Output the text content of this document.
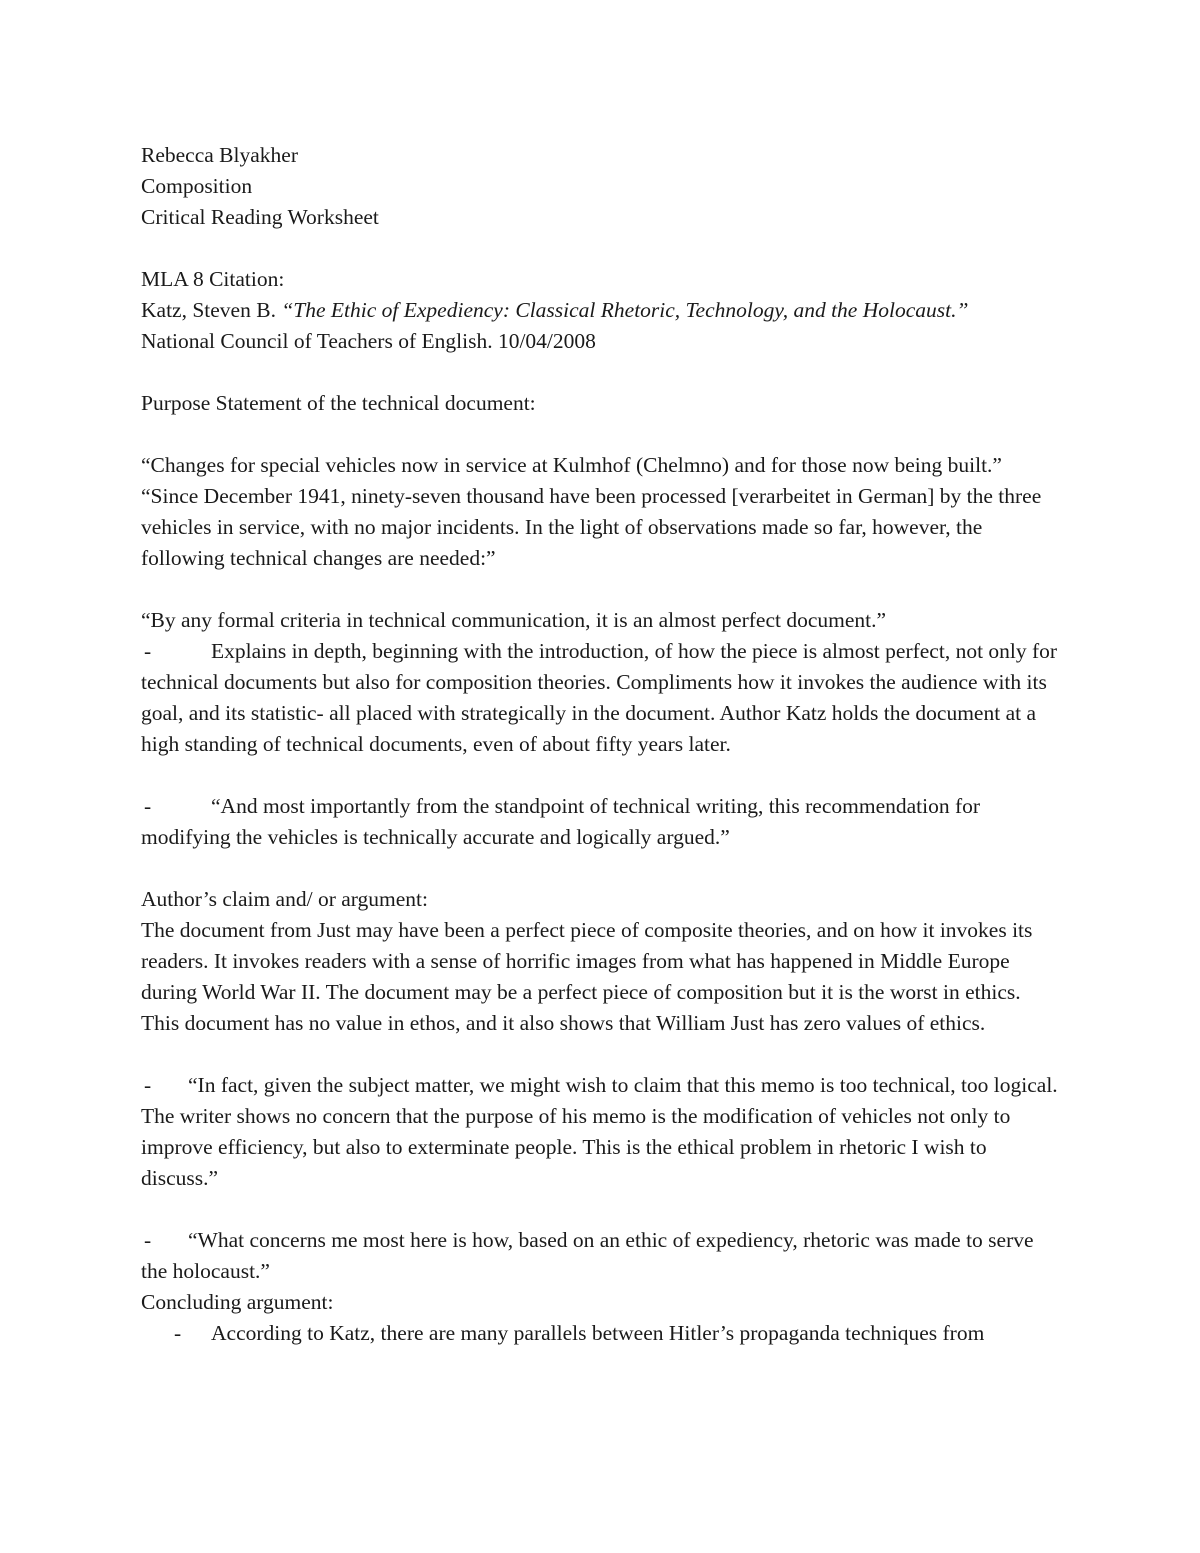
Rebecca Blyakher

Composition

Critical Reading Worksheet

MLA 8 Citation:

Katz, Steven B. “The Ethic of Expediency: Classical Rhetoric, Technology, and the Holocaust.”

National Council of Teachers of English. 10/04/2008

Purpose Statement of the technical document:

“Changes for special vehicles now in service at Kulmhof (Chelmno) and for those now being built.”

“Since December 1941, ninety-seven thousand have been processed [verarbeitet in German] by the three vehicles in service, with no major incidents. In the light of observations made so far, however, the following technical changes are needed:”

“By any formal criteria in technical communication, it is an almost perfect document.”

-	Explains in depth, beginning with the introduction, of how the piece is almost perfect, not only for technical documents but also for composition theories. Compliments how it invokes the audience with its goal, and its statistic- all placed with strategically in the document. Author Katz holds the document at a high standing of technical documents, even of about fifty years later.

-	“And most importantly from the standpoint of technical writing, this recommendation for modifying the vehicles is technically accurate and logically argued.”

Author’s claim and/ or argument:

The document from Just may have been a perfect piece of composite theories, and on how it invokes its readers. It invokes readers with a sense of horrific images from what has happened in Middle Europe during World War II. The document may be a perfect piece of composition but it is the worst in ethics. This document has no value in ethos, and it also shows that William Just has zero values of ethics.

- “In fact, given the subject matter, we might wish to claim that this memo is too technical, too logical. The writer shows no concern that the purpose of his memo is the modification of vehicles not only to improve efficiency, but also to exterminate people. This is the ethical problem in rhetoric I wish to discuss.”

- “What concerns me most here is how, based on an ethic of expediency, rhetoric was made to serve the holocaust.”

Concluding argument:

- According to Katz, there are many parallels between Hitler’s propaganda techniques from
